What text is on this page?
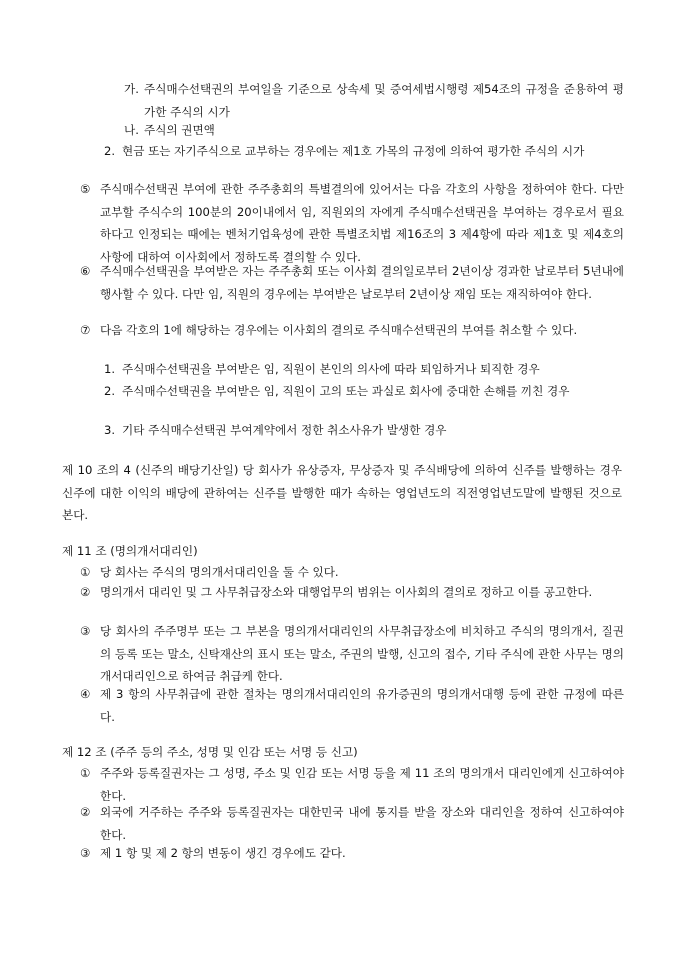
가. 주식매수선택권의 부여일을 기준으로 상속세 및 증여세법시행령 제54조의 규정을 준용하여 평가한 주식의 시가
나. 주식의 권면액
2. 현금 또는 자기주식으로 교부하는 경우에는 제1호 가목의 규정에 의하여 평가한 주식의 시가
⑤ 주식매수선택권 부여에 관한 주주총회의 특별결의에 있어서는 다음 각호의 사항을 정하여야 한다. 다만 교부할 주식수의 100분의 20이내에서 임, 직원외의 자에게 주식매수선택권을 부여하는 경우로서 필요하다고 인정되는 때에는 벤처기업육성에 관한 특별조치법 제16조의 3 제4항에 따라 제1호 및 제4호의 사항에 대하여 이사회에서 정하도록 결의할 수 있다.
⑥ 주식매수선택권을 부여받은 자는 주주총회 또는 이사회 결의일로부터 2년이상 경과한 날로부터 5년내에 행사할 수 있다. 다만 임, 직원의 경우에는 부여받은 날로부터 2년이상 재임 또는 재직하여야 한다.
⑦ 다음 각호의 1에 해당하는 경우에는 이사회의 결의로 주식매수선택권의 부여를 취소할 수 있다.
1. 주식매수선택권을 부여받은 임, 직원이 본인의 의사에 따라 퇴임하거나 퇴직한 경우
2. 주식매수선택권을 부여받은 임, 직원이 고의 또는 과실로 회사에 중대한 손해를 끼친 경우
3. 기타 주식매수선택권 부여계약에서 정한 취소사유가 발생한 경우
제 10 조의 4 (신주의 배당기산일) 당 회사가 유상증자, 무상증자 및 주식배당에 의하여 신주를 발행하는 경우 신주에 대한 이익의 배당에 관하여는 신주를 발행한 때가 속하는 영업년도의 직전영업년도말에 발행된 것으로 본다.
제 11 조 (명의개서대리인)
① 당 회사는 주식의 명의개서대리인을 둘 수 있다.
② 명의개서 대리인 및 그 사무취급장소와 대행업무의 범위는 이사회의 결의로 정하고 이를 공고한다.
③ 당 회사의 주주명부 또는 그 부본을 명의개서대리인의 사무취급장소에 비치하고 주식의 명의개서, 질권의 등록 또는 말소, 신탁재산의 표시 또는 말소, 주권의 발행, 신고의 접수, 기타 주식에 관한 사무는 명의개서대리인으로 하여금 취급케 한다.
④ 제 3 항의 사무취급에 관한 절차는 명의개서대리인의 유가증권의 명의개서대행 등에 관한 규정에 따른다.
제 12 조 (주주 등의 주소, 성명 및 인감 또는 서명 등 신고)
① 주주와 등록질권자는 그 성명, 주소 및 인감 또는 서명 등을 제 11 조의 명의개서 대리인에게 신고하여야 한다.
② 외국에 거주하는 주주와 등록질권자는 대한민국 내에 통지를 받을 장소와 대리인을 정하여 신고하여야 한다.
③ 제 1 항 및 제 2 항의 변동이 생긴 경우에도 같다.
